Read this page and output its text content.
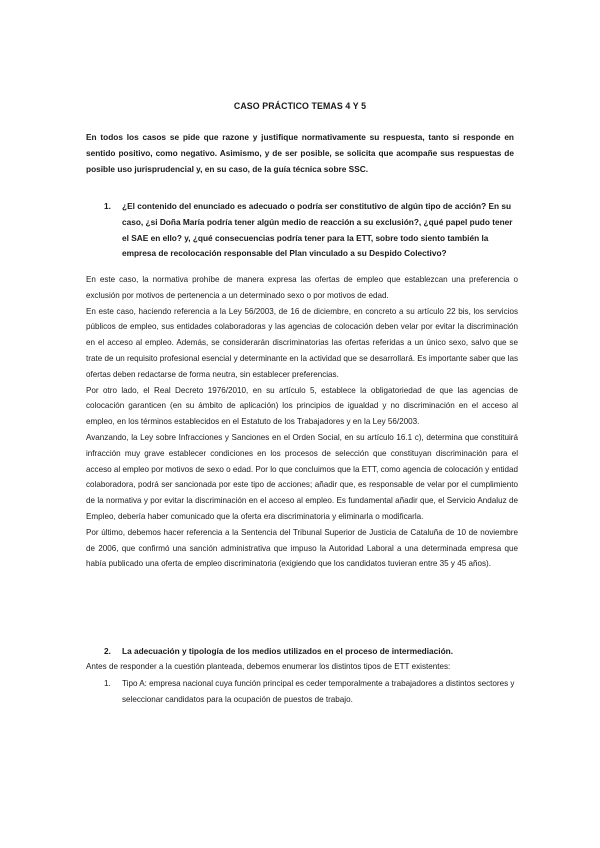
CASO PRÁCTICO TEMAS 4 Y 5
En todos los casos se pide que razone y justifique normativamente su respuesta, tanto si responde en sentido positivo, como negativo. Asimismo, y de ser posible, se solicita que acompañe sus respuestas de posible uso jurisprudencial y, en su caso, de la guía técnica sobre SSC.
1. ¿El contenido del enunciado es adecuado o podría ser constitutivo de algún tipo de acción? En su caso, ¿si Doña María podría tener algún medio de reacción a su exclusión?, ¿qué papel pudo tener el SAE en ello? y, ¿qué consecuencias podría tener para la ETT, sobre todo siento también la empresa de recolocación responsable del Plan vinculado a su Despido Colectivo?

En este caso, la normativa prohíbe de manera expresa las ofertas de empleo que establezcan una preferencia o exclusión por motivos de pertenencia a un determinado sexo o por motivos de edad.

En este caso, haciendo referencia a la Ley 56/2003, de 16 de diciembre, en concreto a su artículo 22 bis, los servicios públicos de empleo, sus entidades colaboradoras y las agencias de colocación deben velar por evitar la discriminación en el acceso al empleo. Además, se considerarán discriminatorias las ofertas referidas a un único sexo, salvo que se trate de un requisito profesional esencial y determinante en la actividad que se desarrollará. Es importante saber que las ofertas deben redactarse de forma neutra, sin establecer preferencias.

Por otro lado, el Real Decreto 1976/2010, en su artículo 5, establece la obligatoriedad de que las agencias de colocación garanticen (en su ámbito de aplicación) los principios de igualdad y no discriminación en el acceso al empleo, en los términos establecidos en el Estatuto de los Trabajadores y en la Ley 56/2003.

Avanzando, la Ley sobre Infracciones y Sanciones en el Orden Social, en su artículo 16.1 c), determina que constituirá infracción muy grave establecer condiciones en los procesos de selección que constituyan discriminación para el acceso al empleo por motivos de sexo o edad. Por lo que concluimos que la ETT, como agencia de colocación y entidad colaboradora, podrá ser sancionada por este tipo de acciones; añadir que, es responsable de velar por el cumplimiento de la normativa y por evitar la discriminación en el acceso al empleo. Es fundamental añadir que, el Servicio Andaluz de Empleo, debería haber comunicado que la oferta era discriminatoria y eliminarla o modificarla.

Por último, debemos hacer referencia a la Sentencia del Tribunal Superior de Justicia de Cataluña de 10 de noviembre de 2006, que confirmó una sanción administrativa que impuso la Autoridad Laboral a una determinada empresa que había publicado una oferta de empleo discriminatoria (exigiendo que los candidatos tuvieran entre 35 y 45 años).

2. La adecuación y tipología de los medios utilizados en el proceso de intermediación.
Antes de responder a la cuestión planteada, debemos enumerar los distintos tipos de ETT existentes:
1. Tipo A: empresa nacional cuya función principal es ceder temporalmente a trabajadores a distintos sectores y seleccionar candidatos para la ocupación de puestos de trabajo.
